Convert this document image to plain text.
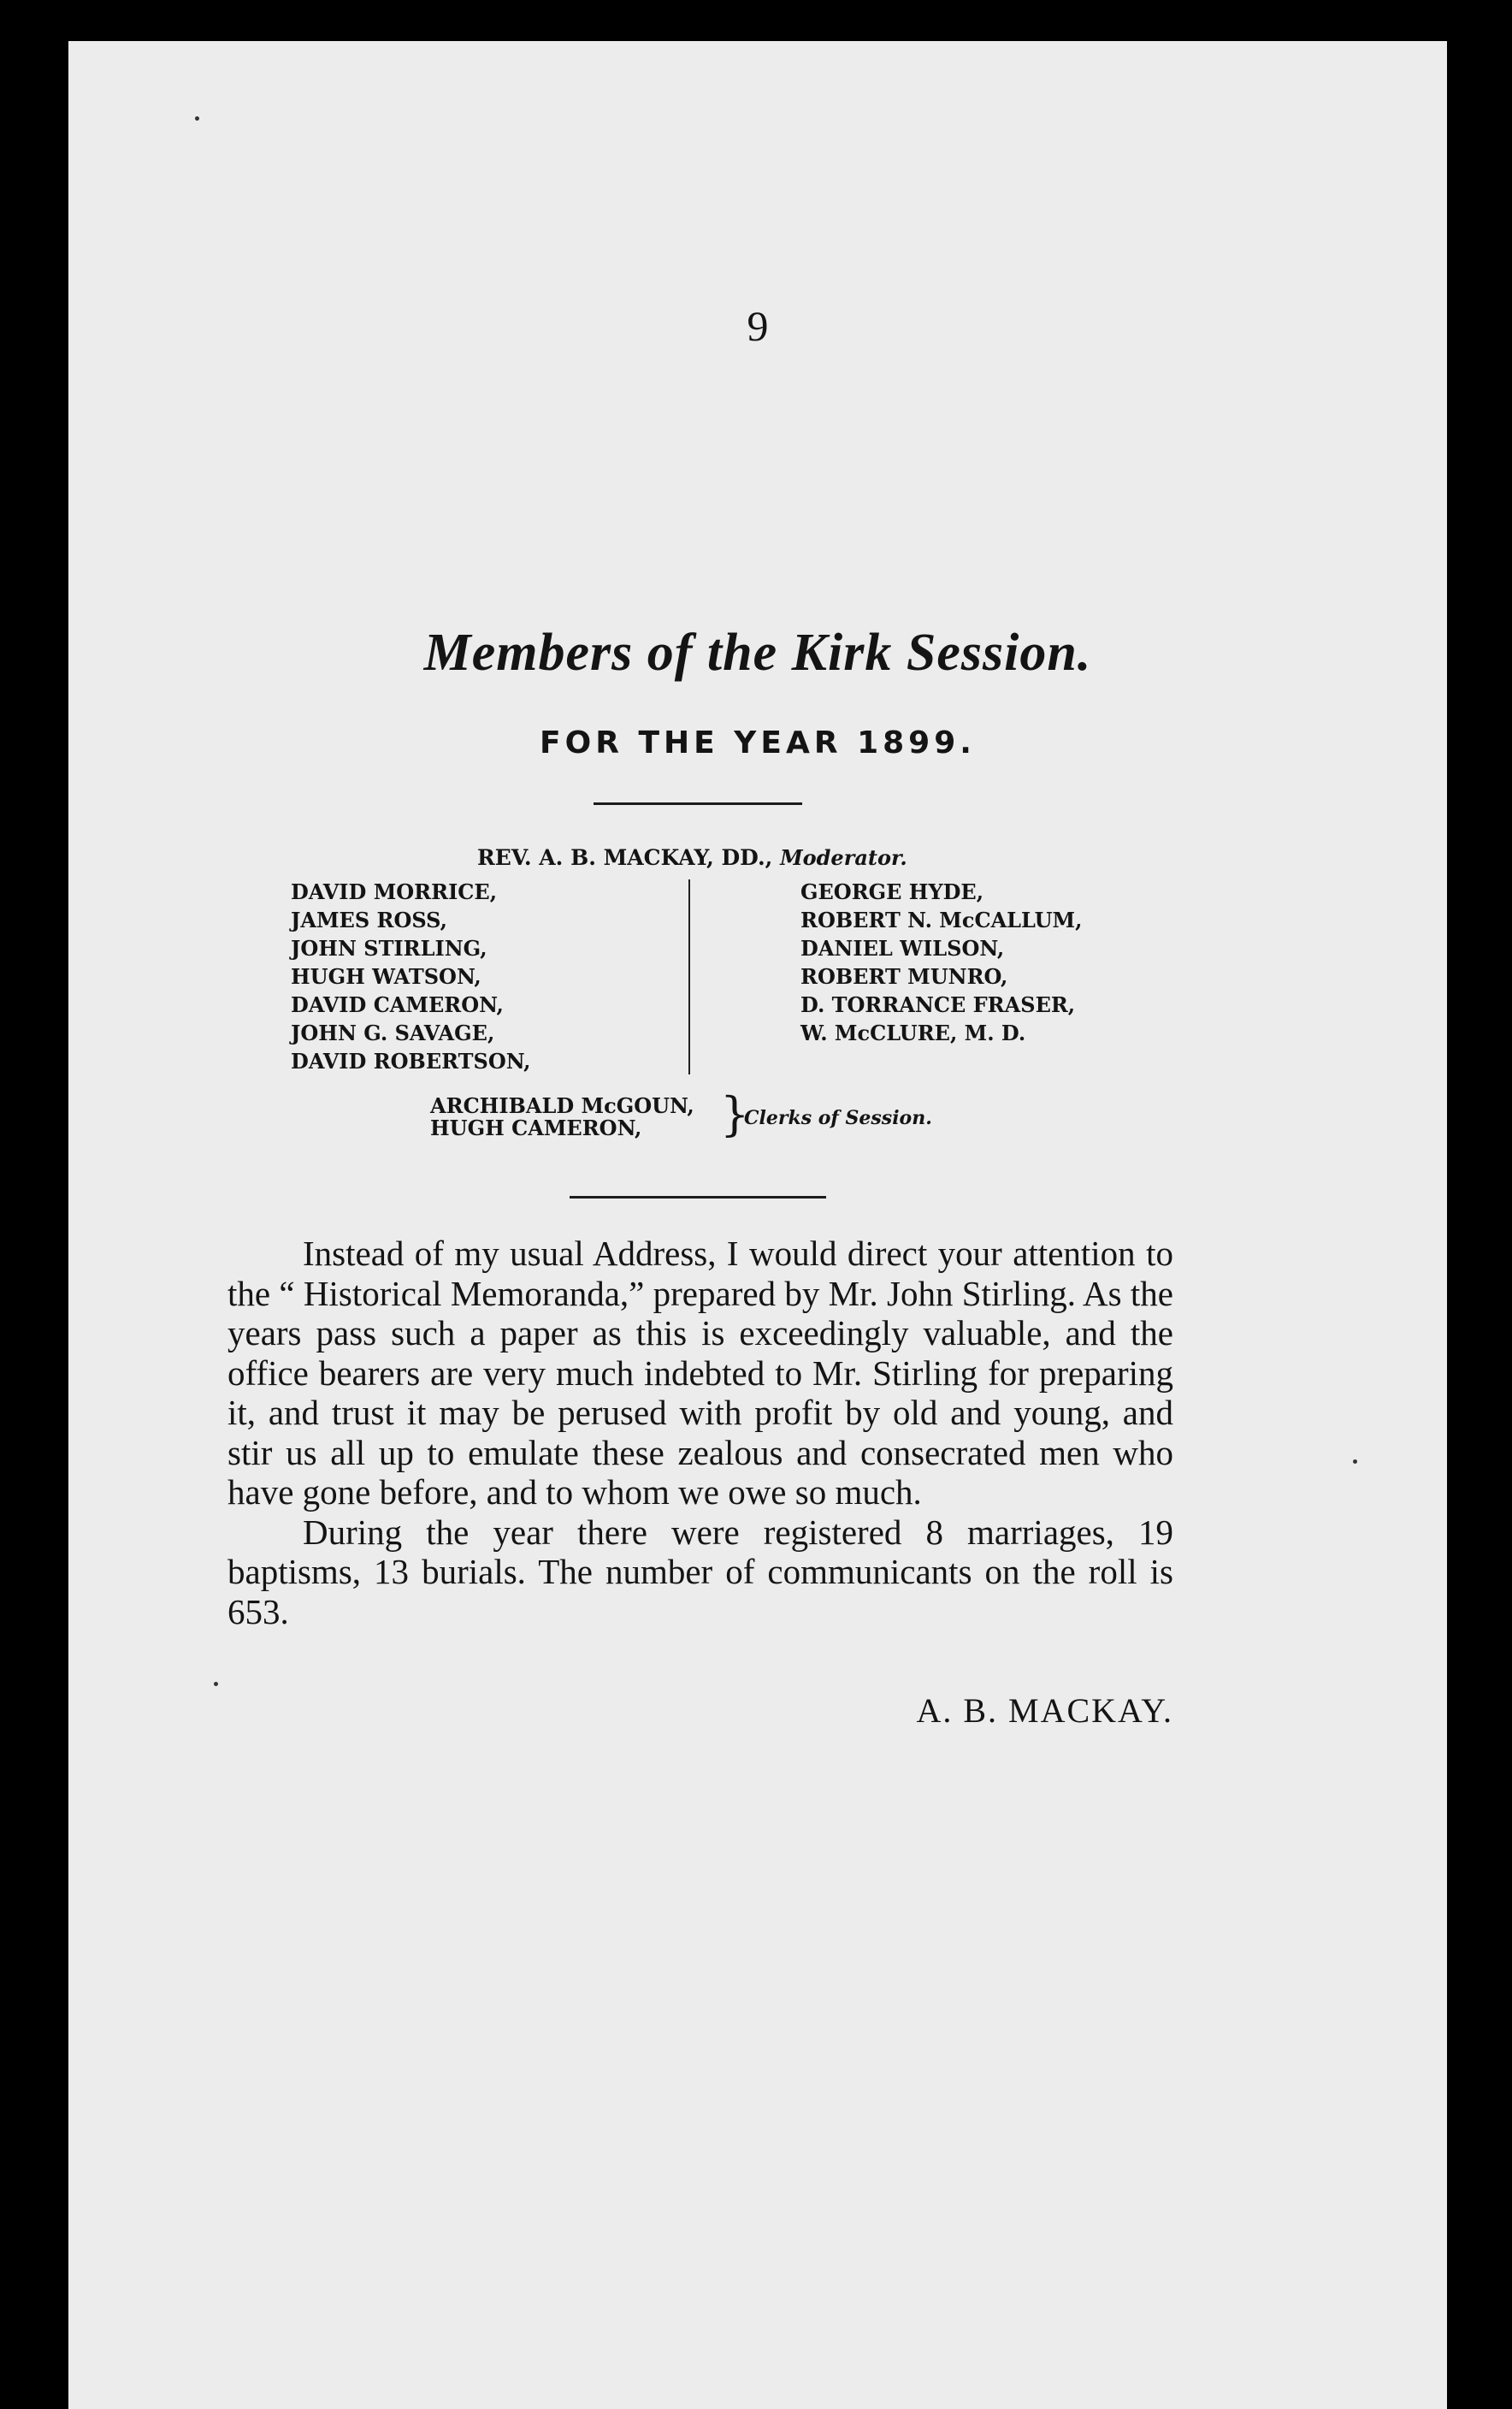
9
Members of the Kirk Session.
FOR THE YEAR 1899.
REV. A. B. MACKAY, DD., Moderator.
DAVID MORRICE,
JAMES ROSS,
JOHN STIRLING,
HUGH WATSON,
DAVID CAMERON,
JOHN G. SAVAGE,
DAVID ROBERTSON,
GEORGE HYDE,
ROBERT N. McCALLUM,
DANIEL WILSON,
ROBERT MUNRO,
D. TORRANCE FRASER,
W. McCLURE, M. D.
ARCHIBALD McGOUN,
HUGH CAMERON,	}
Clerks of Session.

Instead of my usual Address, I would direct your attention to the “ Historical Memoranda,” prepared by Mr. John Stirling. As the years pass such a paper as this is exceedingly valuable, and the office bearers are very much indebted to Mr. Stirling for preparing it, and trust it may be perused with profit by old and young, and stir us all up to emulate these zealous and consecrated men who have gone before, and to whom we owe so much.

During the year there were registered 8 marriages, 19 baptisms, 13 burials. The number of communicants on the roll is 653.

A. B. MACKAY.
